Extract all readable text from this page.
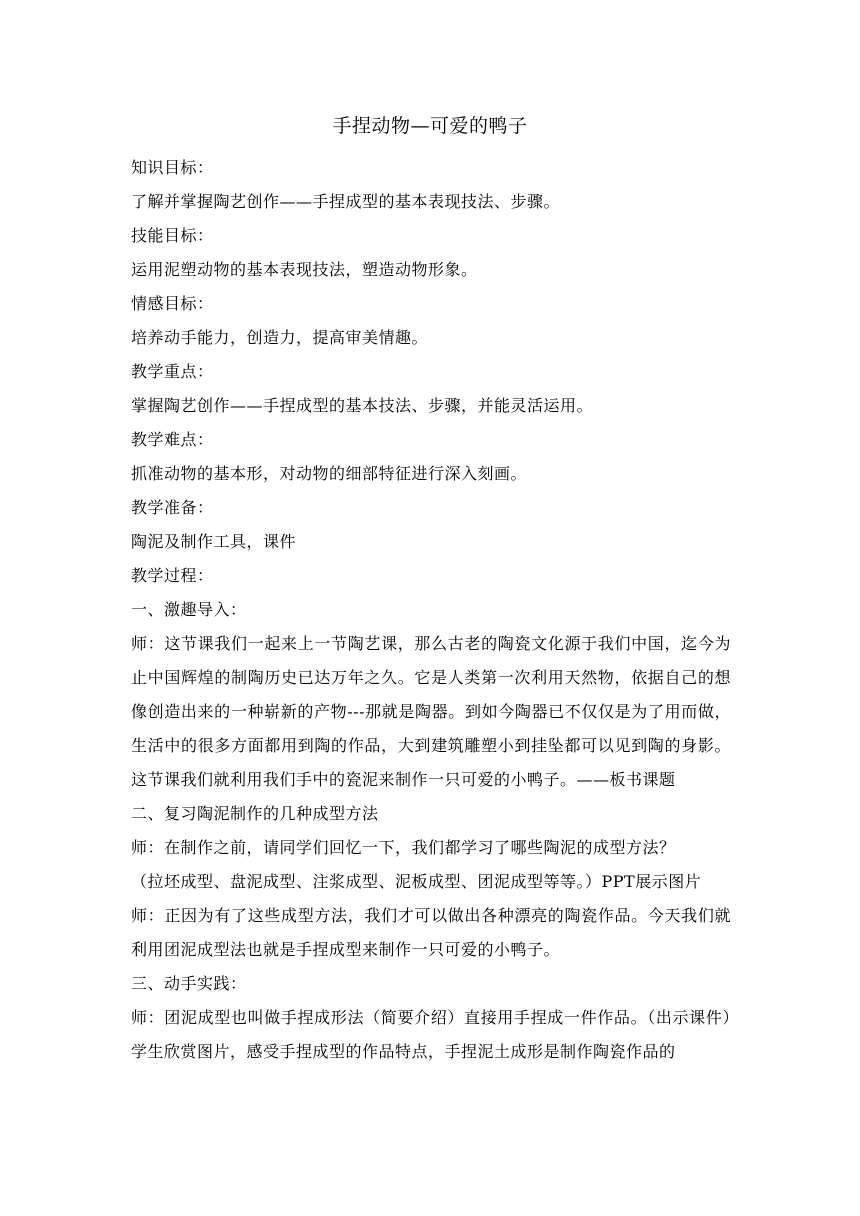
手捏动物—可爱的鸭子

知识目标：

了解并掌握陶艺创作——手捏成型的基本表现技法、步骤。

技能目标：

运用泥塑动物的基本表现技法，塑造动物形象。

情感目标：

培养动手能力，创造力，提高审美情趣。

教学重点：

掌握陶艺创作——手捏成型的基本技法、步骤，并能灵活运用。

教学难点：

抓准动物的基本形，对动物的细部特征进行深入刻画。

教学准备：

陶泥及制作工具，课件

教学过程：

一、激趣导入：

师：这节课我们一起来上一节陶艺课，那么古老的陶瓷文化源于我们中国，迄今为止中国辉煌的制陶历史已达万年之久。它是人类第一次利用天然物，依据自己的想像创造出来的一种崭新的产物---那就是陶器。到如今陶器已不仅仅是为了用而做，生活中的很多方面都用到陶的作品，大到建筑雕塑小到挂坠都可以见到陶的身影。这节课我们就利用我们手中的瓷泥来制作一只可爱的小鸭子。——板书课题

二、复习陶泥制作的几种成型方法

师：在制作之前，请同学们回忆一下，我们都学习了哪些陶泥的成型方法？

（拉坯成型、盘泥成型、注浆成型、泥板成型、团泥成型等等。）PPT展示图片

师：正因为有了这些成型方法，我们才可以做出各种漂亮的陶瓷作品。今天我们就利用团泥成型法也就是手捏成型来制作一只可爱的小鸭子。

三、动手实践：

师：团泥成型也叫做手捏成形法（简要介绍）直接用手捏成一件作品。（出示课件）学生欣赏图片，感受手捏成型的作品特点，手捏泥土成形是制作陶瓷作品的
